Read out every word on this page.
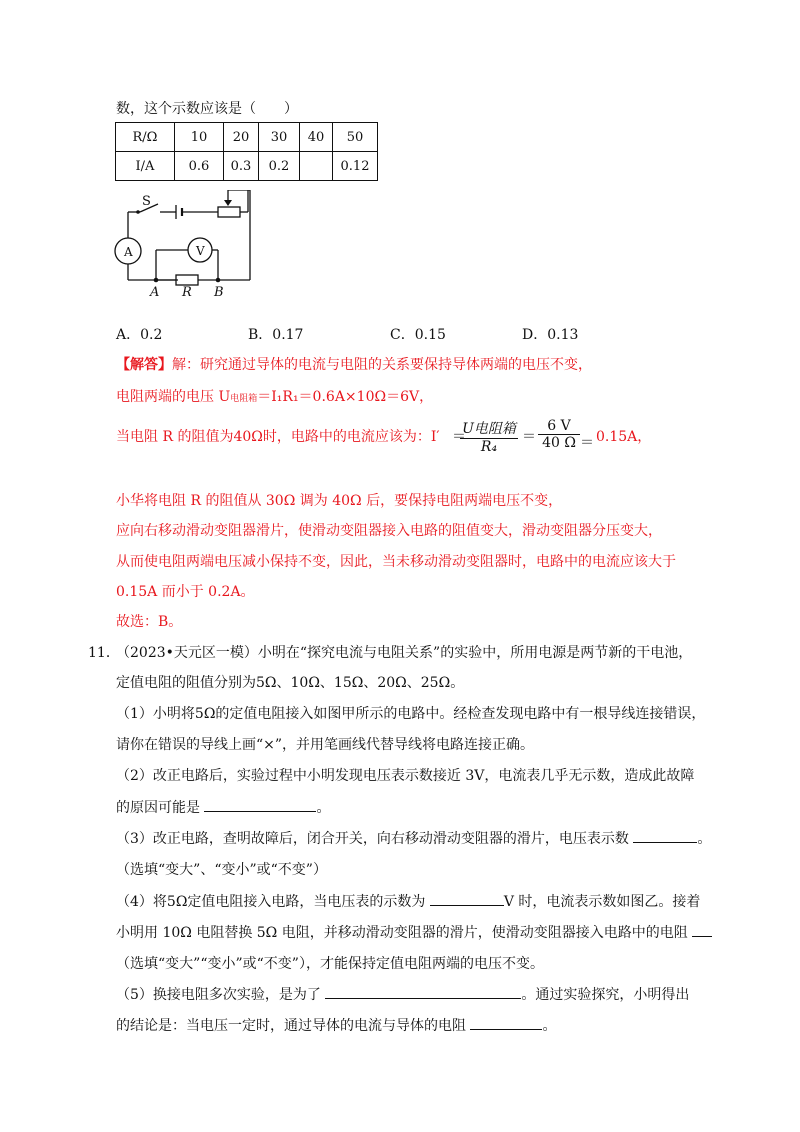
数，这个示数应该是（　　）
R/Ω	10	20	30	40	50
I/A	0.6	0.3	0.2		0.12
S
A	V
A R B
A．0.2	B．0.17	C．0.15	D．0.13
【解答】解：研究通过导体的电流与电阻的关系要保持导体两端的电压不变，
电阻两端的电压 U电阻箱＝I₁R₁＝0.6A×10Ω＝6V，
当电阻 R 的阻值为40Ω时，电路中的电流应该为：I′ ＝
U电阻箱
R₄
＝ $\frac{6 V}{40 \Omega} = 0.15A$，
小华将电阻 R 的阻值从 30Ω 调为 40Ω 后，要保持电阻两端电压不变，
应向右移动滑动变阻器滑片，使滑动变阻器接入电路的阻值变大，滑动变阻器分压变大，
从而使电阻两端电压减小保持不变，因此，当未移动滑动变阻器时，电路中的电流应该大于
0.15A 而小于 0.2A。
故选：B。
11．
（2023•天元区一模）小明在“探究电流与电阻关系”的实验中，所用电源是两节新的干电池，
定值电阻的阻值分别为5Ω、10Ω、15Ω、20Ω、25Ω。
（1）小明将5Ω的定值电阻接入如图甲所示的电路中。经检查发现电路中有一根导线连接错误，
请你在错误的导线上画“×”，并用笔画线代替导线将电路连接正确。
（2）改正电路后，实验过程中小明发现电压表示数接近 3V，电流表几乎无示数，造成此故障
的原因可能是	。
（3）改正电路，查明故障后，闭合开关，向右移动滑动变阻器的滑片，电压表示数	。
（选填“变大”、“变小”或“不变”）
（4）将5Ω定值电阻接入电路，当电压表的示数为	V 时，电流表示数如图乙。接着
小明用 10Ω 电阻替换 5Ω 电阻，并移动滑动变阻器的滑片，使滑动变阻器接入电路中的电阻
（选填“变大”“变小”或“不变”），才能保持定值电阻两端的电压不变。
（5）换接电阻多次实验，是为了	。通过实验探究，小明得出
的结论是：当电压一定时，通过导体的电流与导体的电阻	。
